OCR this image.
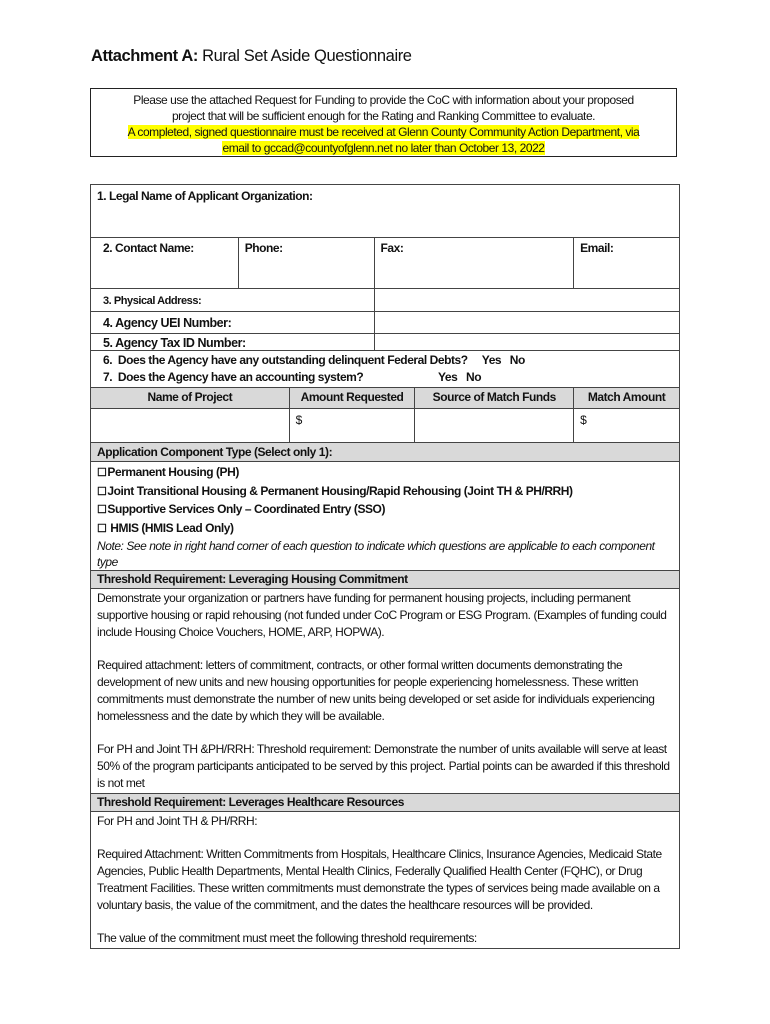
Attachment A: Rural Set Aside Questionnaire
Please use the attached Request for Funding to provide the CoC with information about your proposed
project that will be sufficient enough for the Rating and Ranking Committee to evaluate.
A completed, signed questionnaire must be received at Glenn County Community Action Department, via
email to gccad@countyofglenn.net no later than October 13, 2022
1. Legal Name of Applicant Organization:					
2. Contact Name:	Phone:		Fax:		Email:
3. Physical Address:					
4. Agency UEI Number:					
5. Agency Tax ID Number:					

6.  Does the Agency have any outstanding delinquent Federal Debts?     Yes   No
7.  Does the Agency have an accounting system?                          Yes   No					

Name of Project		Amount Requested		Source of Match Funds	Match Amount
		$			$
Application Component Type (Select only 1):					

☐Permanent Housing (PH)
☐Joint Transitional Housing & Permanent Housing/Rapid Rehousing (Joint TH & PH/RRH)
☐Supportive Services Only – Coordinated Entry (SSO)
☐ HMIS (HMIS Lead Only)
Note: See note in right hand corner of each question to indicate which questions are applicable to each component type					

Threshold Requirement: Leveraging Housing Commitment					

Demonstrate your organization or partners have funding for permanent housing projects, including permanent supportive housing or rapid rehousing (not funded under CoC Program or ESG Program. (Examples of funding could include Housing Choice Vouchers, HOME, ARP, HOPWA).

Required attachment: letters of commitment, contracts, or other formal written documents demonstrating the development of new units and new housing opportunities for people experiencing homelessness. These written commitments must demonstrate the number of new units being developed or set aside for individuals experiencing homelessness and the date by which they will be available.

For PH and Joint TH &PH/RRH: Threshold requirement: Demonstrate the number of units available will serve at least 50% of the program participants anticipated to be served by this project. Partial points can be awarded if this threshold is not met					

Threshold Requirement: Leverages Healthcare Resources					

For PH and Joint TH & PH/RRH:

Required Attachment: Written Commitments from Hospitals, Healthcare Clinics, Insurance Agencies, Medicaid State Agencies, Public Health Departments, Mental Health Clinics, Federally Qualified Health Center (FQHC), or Drug Treatment Facilities. These written commitments must demonstrate the types of services being made available on a voluntary basis, the value of the commitment, and the dates the healthcare resources will be provided.

The value of the commitment must meet the following threshold requirements:					
